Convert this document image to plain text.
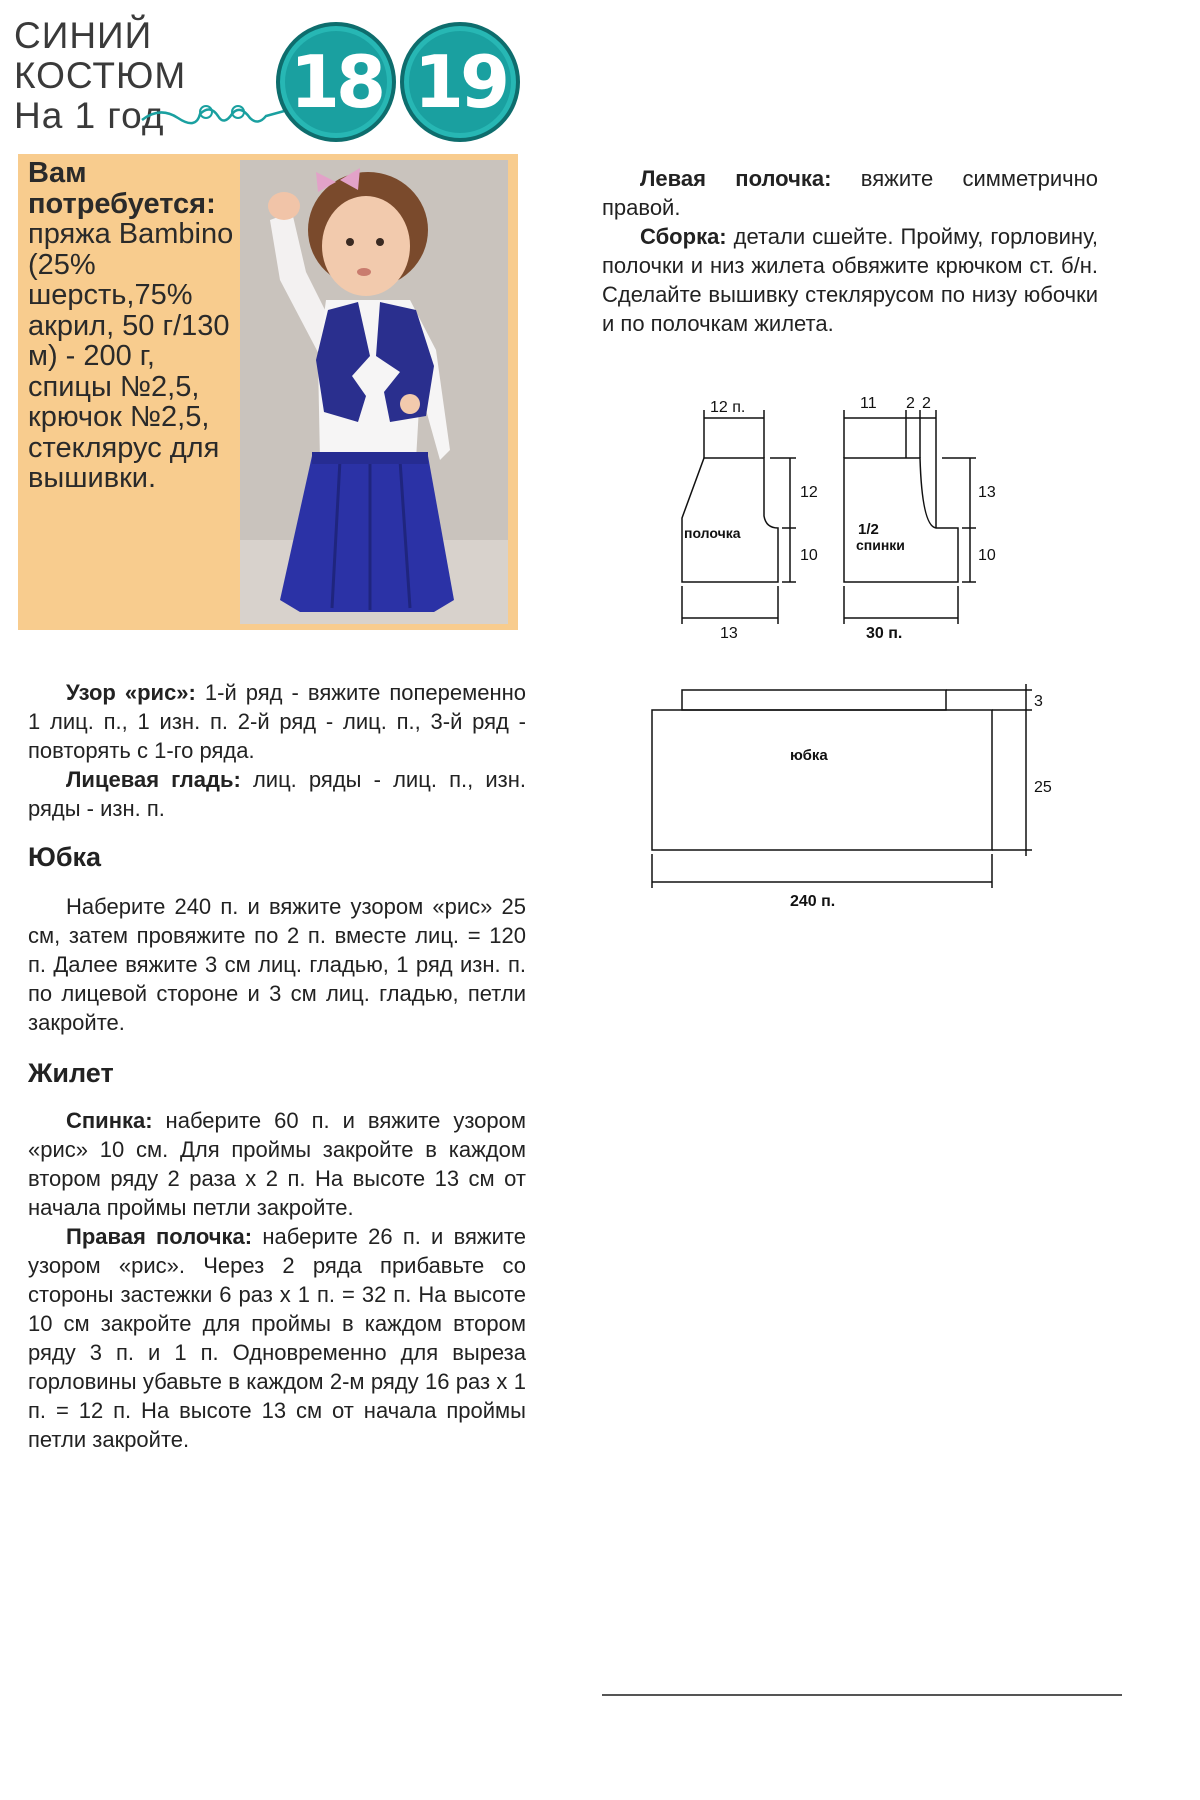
СИНИЙ
КОСТЮМ
На 1 год	18 19
Вам потребуется:
пряжа Bambino (25% шерсть,75% акрил, 50 г/130 м) - 200 г, спицы №2,5, крючок №2,5, стеклярус для вышивки.

Узор «рис»: 1-й ряд - вяжите попеременно 1 лиц. п., 1 изн. п. 2-й ряд - лиц. п., 3-й ряд - повторять с 1-го ряда.

Лицевая гладь: лиц. ряды - лиц. п., изн. ряды - изн. п.

Юбка

Наберите 240 п. и вяжите узором «рис» 25 см, затем провяжите по 2 п. вместе лиц. = 120 п. Далее вяжите 3 см лиц. гладью, 1 ряд изн. п. по лицевой стороне и 3 см лиц. гладью, петли закройте.

Жилет

Спинка: наберите 60 п. и вяжите узором «рис» 10 см. Для проймы закройте в каждом втором ряду 2 раза х 2 п. На высоте 13 см от начала проймы петли закройте.

Правая полочка: наберите 26 п. и вяжите узором «рис». Через 2 ряда прибавьте со стороны застежки 6 раз х 1 п. = 32 п. На высоте 10 см закройте для проймы в каждом втором ряду 3 п. и 1 п. Одновременно для выреза горловины убавьте в каждом 2-м ряду 16 раз х 1 п. = 12 п. На высоте 13 см от начала проймы петли закройте.

Левая полочка: вяжите симметрично правой.

Сборка: детали сшейте. Пройму, горловину, полочки и низ жилета обвяжите крючком ст. б/н. Сделайте вышивку стеклярусом по низу юбочки и по полочкам жилета.

12 п.
12
10
13
полочка
11 2 2
13
10
30 п.
1/2
спинки
3
25
240 п.
юбка
